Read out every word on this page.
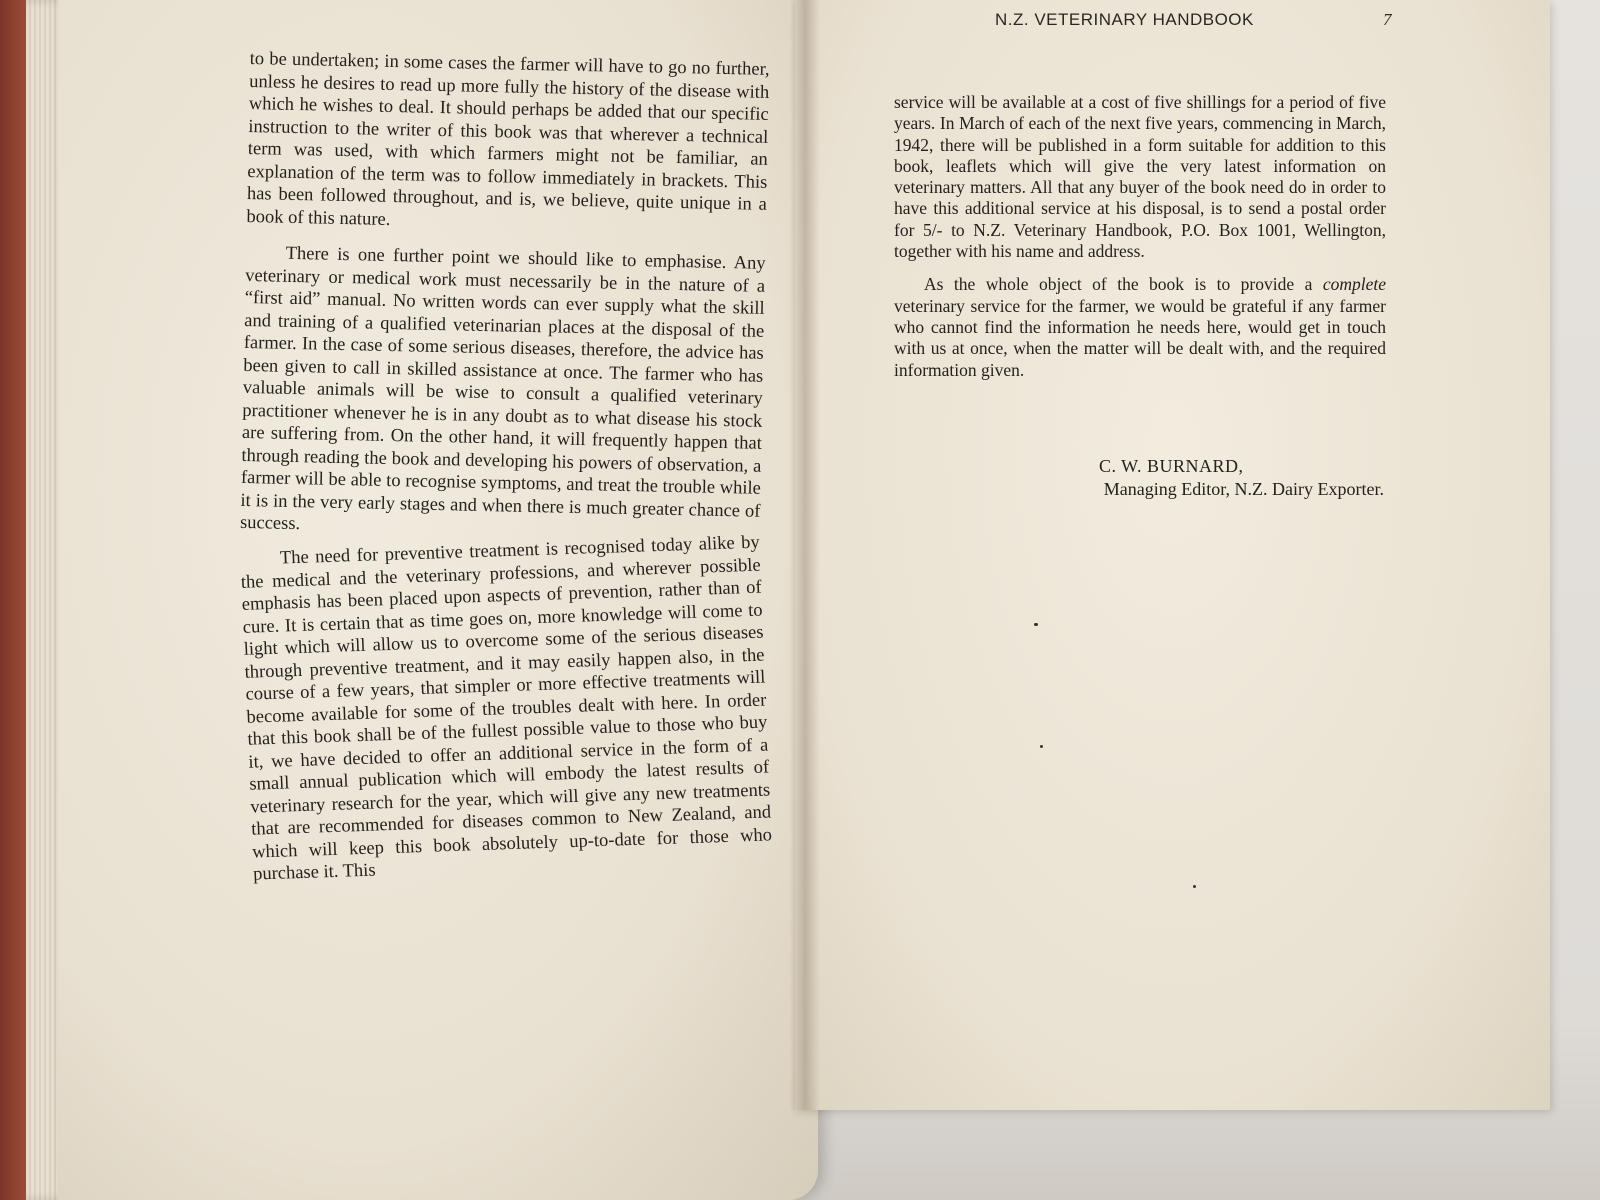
N.Z. VETERINARY HANDBOOK	7

to be undertaken; in some cases the farmer will have to go no further, unless he desires to read up more fully the history of the disease with which he wishes to deal. It should perhaps be added that our specific instruction to the writer of this book was that wherever a technical term was used, with which farmers might not be familiar, an explanation of the term was to follow immediately in brackets. This has been followed throughout, and is, we believe, quite unique in a book of this nature.

There is one further point we should like to emphasise. Any veterinary or medical work must necessarily be in the nature of a “first aid” manual. No written words can ever supply what the skill and training of a qualified veterinarian places at the disposal of the farmer. In the case of some serious diseases, therefore, the advice has been given to call in skilled assistance at once. The farmer who has valuable animals will be wise to consult a qualified veterinary practitioner whenever he is in any doubt as to what disease his stock are suffering from. On the other hand, it will frequently happen that through reading the book and developing his powers of observation, a farmer will be able to recognise symptoms, and treat the trouble while it is in the very early stages and when there is much greater chance of success.

The need for preventive treatment is recognised today alike by the medical and the veterinary professions, and wherever possible emphasis has been placed upon aspects of prevention, rather than of cure. It is certain that as time goes on, more knowledge will come to light which will allow us to overcome some of the serious diseases through preventive treatment, and it may easily happen also, in the course of a few years, that simpler or more effective treatments will become available for some of the troubles dealt with here. In order that this book shall be of the fullest possible value to those who buy it, we have decided to offer an additional service in the form of a small annual publication which will embody the latest results of veterinary research for the year, which will give any new treatments that are recommended for diseases common to New Zealand, and which will keep this book absolutely up-to-date for those who purchase it. This

service will be available at a cost of five shillings for a period of five years. In March of each of the next five years, commencing in March, 1942, there will be published in a form suitable for addition to this book, leaflets which will give the very latest information on veterinary matters. All that any buyer of the book need do in order to have this additional service at his disposal, is to send a postal order for 5/- to N.Z. Veterinary Handbook, P.O. Box 1001, Wellington, together with his name and address.

As the whole object of the book is to provide a complete veterinary service for the farmer, we would be grateful if any farmer who cannot find the information he needs here, would get in touch with us at once, when the matter will be dealt with, and the required information given.

C. W. BURNARD,
Managing Editor, N.Z. Dairy Exporter.
